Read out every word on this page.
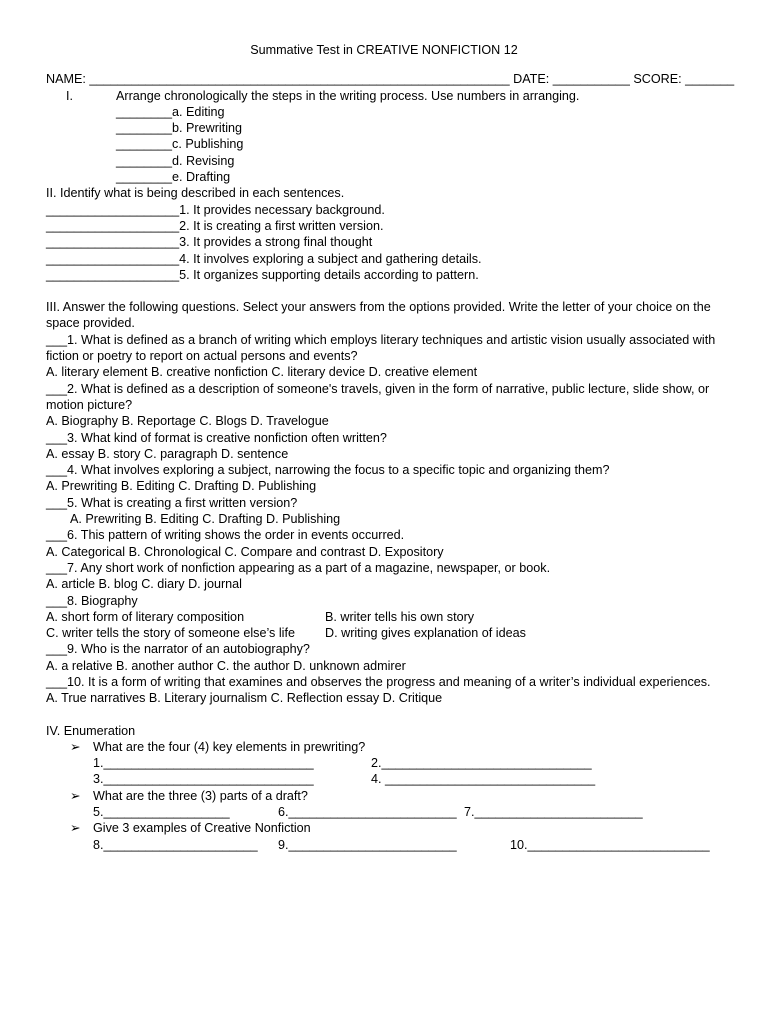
Summative Test in CREATIVE NONFICTION 12
NAME: ____________________________________________________________ DATE: ___________ SCORE: _______
I.	Arrange chronologically the steps in the writing process. Use numbers in arranging.
________a. Editing
________b. Prewriting
________c. Publishing
________d. Revising
________e. Drafting
II. Identify what is being described in each sentences.
___________________1. It provides necessary background.
___________________2. It is creating a first written version.
___________________3. It provides a strong final thought
___________________4. It involves exploring a subject and gathering details.
___________________5. It organizes supporting details according to pattern.
III. Answer the following questions. Select your answers from the options provided. Write the letter of your choice on the space provided.
___1. What is defined as a branch of writing which employs literary techniques and artistic vision usually associated with fiction or poetry to report on actual persons and events?
A. literary element B. creative nonfiction C. literary device D. creative element
___2. What is defined as a description of someone's travels, given in the form of narrative, public lecture, slide show, or motion picture?
A. Biography B. Reportage C. Blogs D. Travelogue
___3. What kind of format is creative nonfiction often written?
A. essay B. story C. paragraph D. sentence
___4. What involves exploring a subject, narrowing the focus to a specific topic and organizing them?
A. Prewriting B. Editing C. Drafting D. Publishing
___5. What is creating a first written version?
A. Prewriting B. Editing C. Drafting D. Publishing
___6. This pattern of writing shows the order in events occurred.
A. Categorical B. Chronological C. Compare and contrast D. Expository
___7. Any short work of nonfiction appearing as a part of a magazine, newspaper, or book.
A. article B. blog C. diary D. journal
___8. Biography
A. short form of literary composition	B. writer tells his own story
C. writer tells the story of someone else’s life	D. writing gives explanation of ideas
___9. Who is the narrator of an autobiography?
A. a relative B. another author C. the author D. unknown admirer
___10. It is a form of writing that examines and observes the progress and meaning of a writer’s individual experiences.
A. True narratives B. Literary journalism C. Reflection essay D. Critique
IV. Enumeration
➢ What are the four (4) key elements in prewriting?
1.______________________________	2.______________________________
3.______________________________	4. ______________________________
➢ What are the three (3) parts of a draft?
5.__________________	6.________________________ 7.________________________
➢ Give 3 examples of Creative Nonfiction
8.______________________ 9.________________________	10.__________________________
